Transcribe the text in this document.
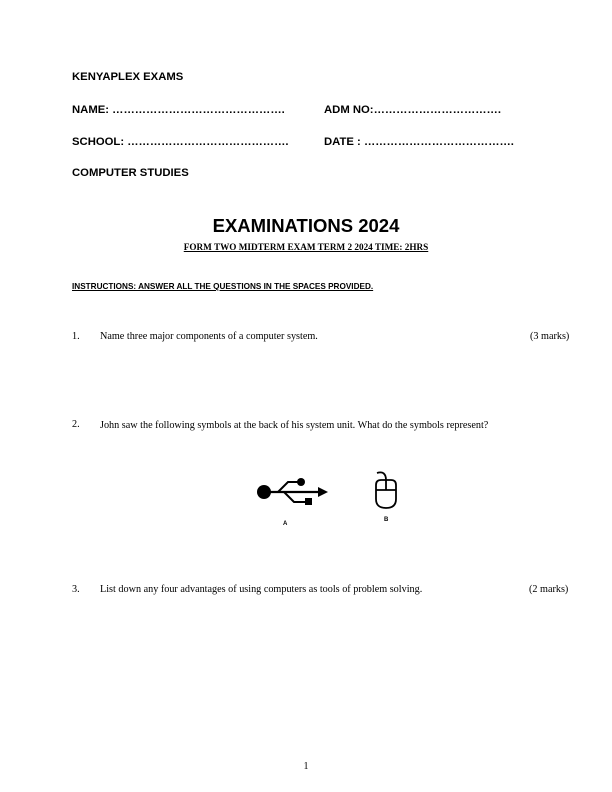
KENYAPLEX EXAMS
NAME: ……………………………………….	ADM NO:…………………………….
SCHOOL: …………………………………….	DATE : ………………………………….
COMPUTER STUDIES
EXAMINATIONS 2024
FORM TWO MIDTERM EXAM TERM 2 2024 TIME: 2HRS
INSTRUCTIONS: ANSWER ALL THE QUESTIONS IN THE SPACES PROVIDED.
1. Name three major components of a computer system.	(3 marks)
2. John saw the following symbols at the back of his system unit. What do the symbols represent?
A
B
3. List down any four advantages of using computers as tools of problem solving.	(2 marks)
1
